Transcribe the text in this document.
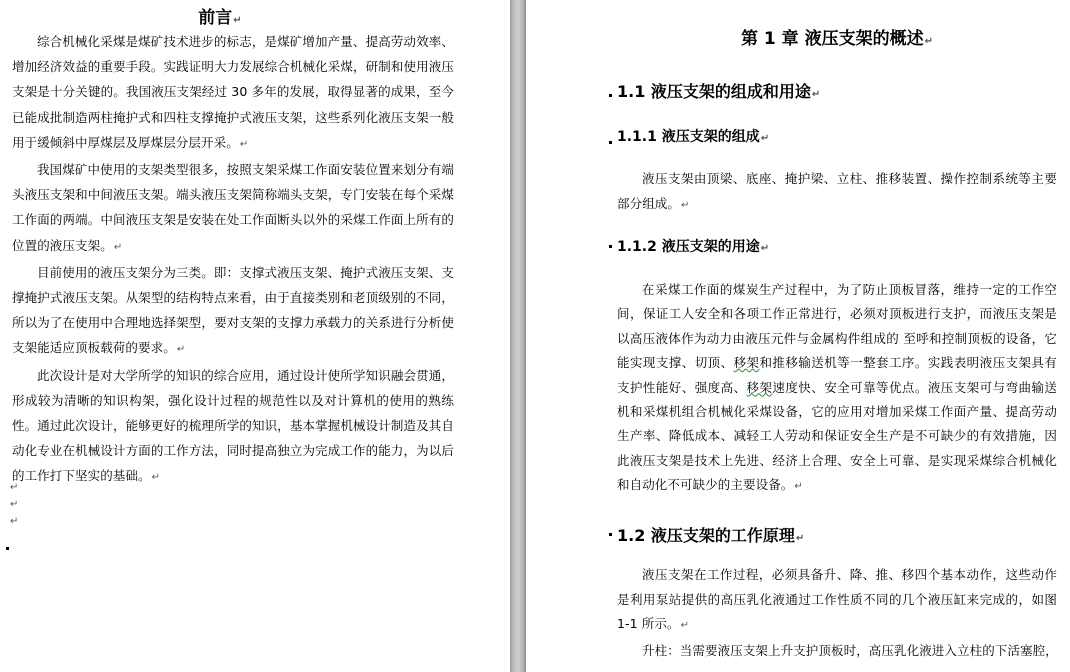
前言↵

综合机械化采煤是煤矿技术进步的标志，是煤矿增加产量、提高劳动效率、增加经济效益的重要手段。实践证明大力发展综合机械化采煤，研制和使用液压支架是十分关键的。我国液压支架经过 30 多年的发展，取得显著的成果，至今已能成批制造两柱掩护式和四柱支撑掩护式液压支架，这些系列化液压支架一般用于缓倾斜中厚煤层及厚煤层分层开采。↵

我国煤矿中使用的支架类型很多，按照支架采煤工作面安装位置来划分有端头液压支架和中间液压支架。端头液压支架简称端头支架，专门安装在每个采煤工作面的两端。中间液压支架是安装在处工作面断头以外的采煤工作面上所有的位置的液压支架。↵

目前使用的液压支架分为三类。即：支撑式液压支架、掩护式液压支架、支撑掩护式液压支架。从架型的结构特点来看，由于直接类别和老顶级别的不同，所以为了在使用中合理地选择架型，要对支架的支撑力承载力的关系进行分析使支架能适应顶板载荷的要求。↵

此次设计是对大学所学的知识的综合应用，通过设计使所学知识融会贯通，形成较为清晰的知识构架，强化设计过程的规范性以及对计算机的使用的熟练性。通过此次设计，能够更好的梳理所学的知识，基本掌握机械设计制造及其自动化专业在机械设计方面的工作方法，同时提高独立为完成工作的能力，为以后的工作打下坚实的基础。↵

↵
↵
↵
第 1 章 液压支架的概述↵
1.1 液压支架的组成和用途↵
1.1.1 液压支架的组成↵

液压支架由顶梁、底座、掩护梁、立柱、推移装置、操作控制系统等主要部分组成。↵

1.1.2 液压支架的用途↵

在采煤工作面的煤炭生产过程中，为了防止顶板冒落，维持一定的工作空间，保证工人安全和各项工作正常进行，必须对顶板进行支护，而液压支架是以高压液体作为动力由液压元件与金属构件组成的 至呼和控制顶板的设备，它能实现支撑、切顶、移架和推移输送机等一整套工序。实践表明液压支架具有支护性能好、强度高、移架速度快、安全可靠等优点。液压支架可与弯曲输送机和采煤机组合机械化采煤设备，它的应用对增加采煤工作面产量、提高劳动生产率、降低成本、减轻工人劳动和保证安全生产是不可缺少的有效措施，因此液压支架是技术上先进、经济上合理、安全上可靠、是实现采煤综合机械化和自动化不可缺少的主要设备。↵

1.2 液压支架的工作原理↵

液压支架在工作过程，必须具备升、降、推、移四个基本动作，这些动作是利用泵站提供的高压乳化液通过工作性质不同的几个液压缸来完成的，如图 1-1 所示。↵

升柱：当需要液压支架上升支护顶板时，高压乳化液进入立柱的下活塞腔，
